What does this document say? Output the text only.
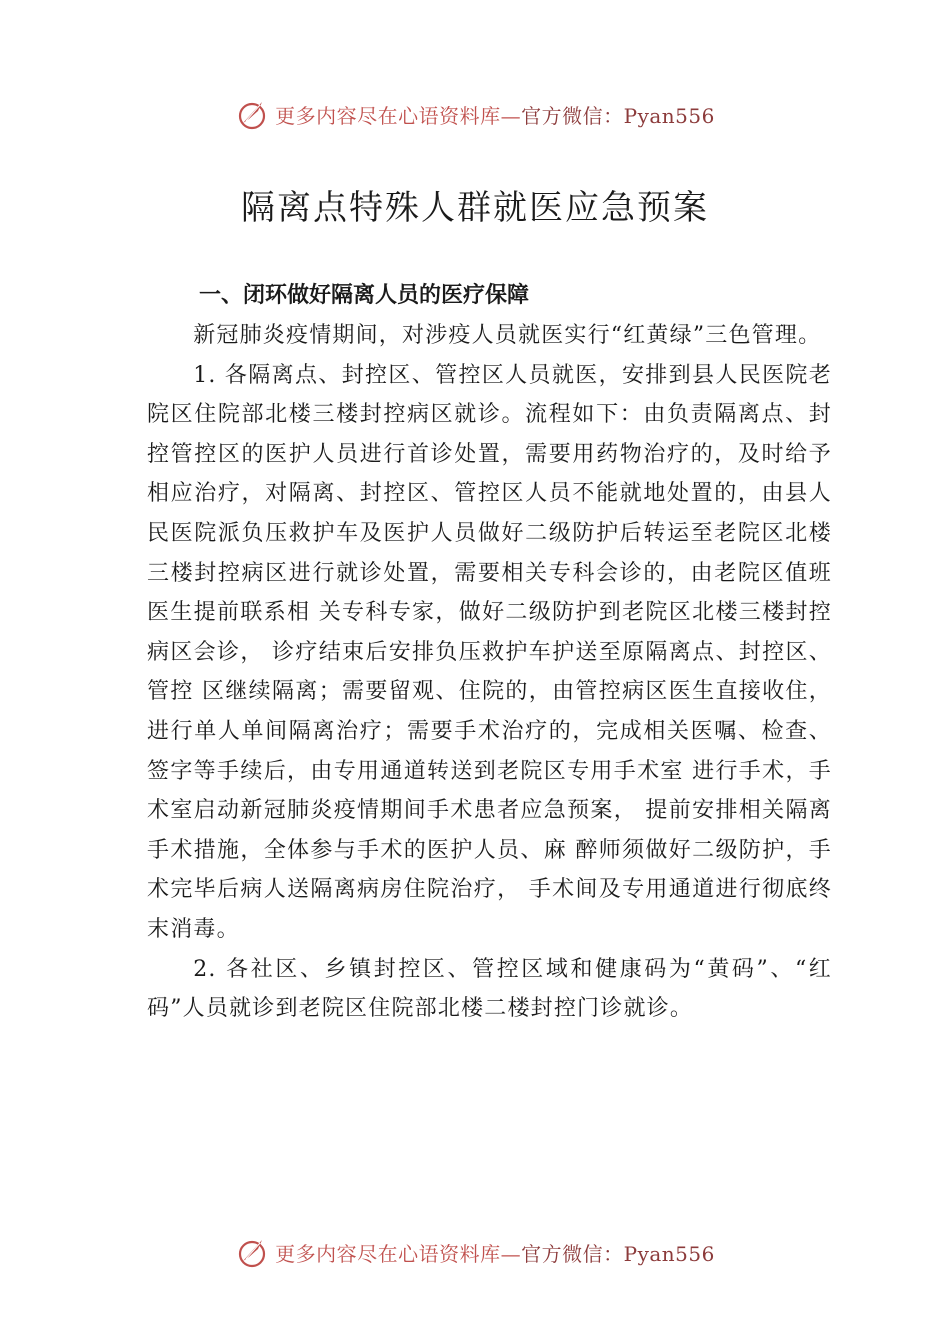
更多内容尽在心语资料库—官方微信：Pyan556
隔离点特殊人群就医应急预案

一、闭环做好隔离人员的医疗保障

新冠肺炎疫情期间，对涉疫人员就医实行“红黄绿”三色管理。

1. 各隔离点、封控区、管控区人员就医，安排到县人民医院老院区住院部北楼三楼封控病区就诊。流程如下：由负责隔离点、封控管控区的医护人员进行首诊处置，需要用药物治疗的，及时给予相应治疗，对隔离、封控区、管控区人员不能就地处置的，由县人民医院派负压救护车及医护人员做好二级防护后转运至老院区北楼三楼封控病区进行就诊处置，需要相关专科会诊的，由老院区值班医生提前联系相 关专科专家，做好二级防护到老院区北楼三楼封控病区会诊， 诊疗结束后安排负压救护车护送至原隔离点、封控区、管控 区继续隔离；需要留观、住院的，由管控病区医生直接收住， 进行单人单间隔离治疗；需要手术治疗的，完成相关医嘱、检查、签字等手续后，由专用通道转送到老院区专用手术室 进行手术，手术室启动新冠肺炎疫情期间手术患者应急预案， 提前安排相关隔离手术措施，全体参与手术的医护人员、麻 醉师须做好二级防护，手术完毕后病人送隔离病房住院治疗， 手术间及专用通道进行彻底终末消毒。

2. 各社区、乡镇封控区、管控区域和健康码为“黄码”、“红码”人员就诊到老院区住院部北楼二楼封控门诊就诊。

更多内容尽在心语资料库—官方微信：Pyan556
